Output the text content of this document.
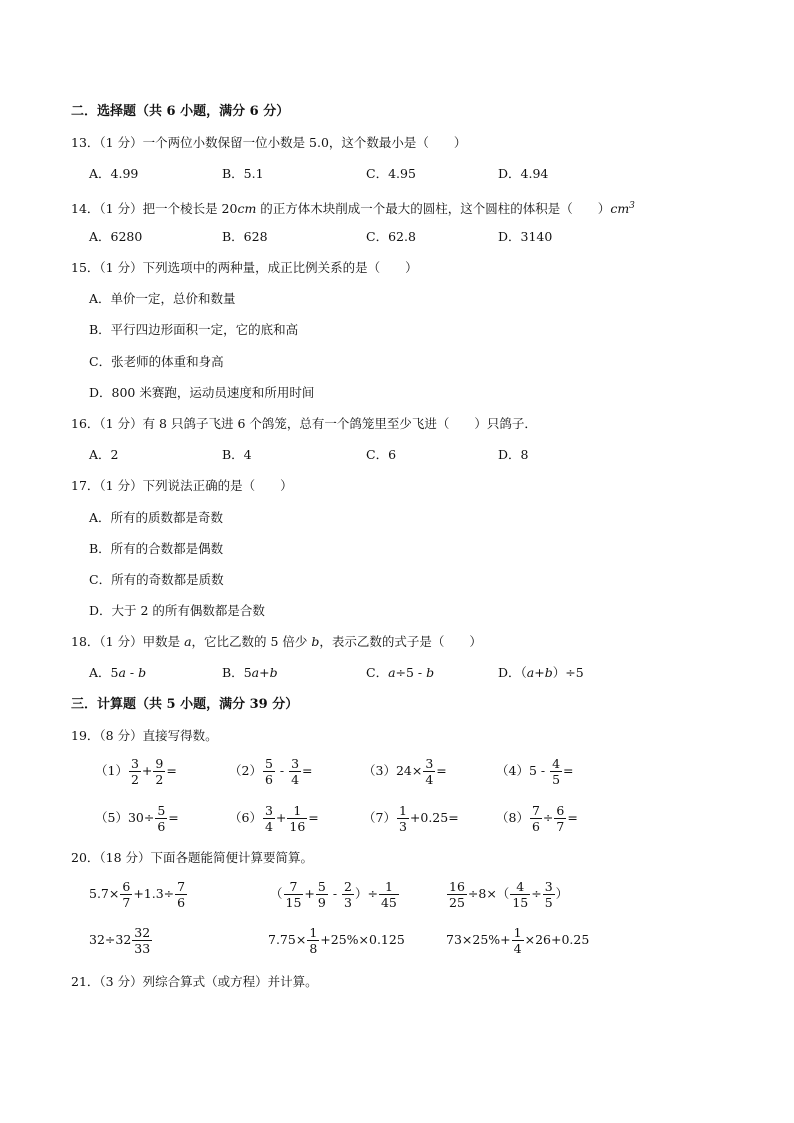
二．选择题（共 6 小题，满分 6 分）
13．（1 分）一个两位小数保留一位小数是 5.0，这个数最小是（　　）
A．4.99	B．5.1	C．4.95	D．4.94
14．（1 分）把一个棱长是 20cm 的正方体木块削成一个最大的圆柱，这个圆柱的体积是（　　）$cm^3$
A．6280	B．628	C．62.8	D．3140
15．（1 分）下列选项中的两种量，成正比例关系的是（　　）
A．单价一定，总价和数量
B．平行四边形面积一定，它的底和高
C．张老师的体重和身高
D．800 米赛跑，运动员速度和所用时间
16．（1 分）有 8 只鸽子飞进 6 个鸽笼，总有一个鸽笼里至少飞进（　　）只鸽子．
A．2	B．4	C．6	D．8
17．（1 分）下列说法正确的是（　　）
A．所有的质数都是奇数
B．所有的合数都是偶数
C．所有的奇数都是质数
D．大于 2 的所有偶数都是合数
18．（1 分）甲数是 a，它比乙数的 5 倍少 b，表示乙数的式子是（　　）
A．5a - b	B．5a+b	C．a÷5 - b	D．（a+b）÷5
三．计算题（共 5 小题，满分 39 分）
19．（8 分）直接写得数。
$(1) \frac{3}{2} + \frac{9}{2}$ =	$(2) \frac{5}{6} - \frac{3}{4}$ =	$(3)24\times \frac{3}{4}$ =	$(4)5 - \frac{4}{5}$ =
$(5)30\div \frac{5}{6}$ =	$(6) \frac{3}{4} + \frac{1}{16}$ =	$(7) \frac{1}{3} +0.25=$	$(8) \frac{7}{6} \div \frac{6}{7}$ =
20．（18 分）下面各题能简便计算要简算。
$5.7\times \frac{6}{7} +1.3\div \frac{7}{6}$	（ $\frac{7}{15} + \frac{5}{9} - \frac{2}{3}$ ）÷ $\frac{1}{45}$	$\frac{16}{25} \div 8\times( \frac{4}{15} \div \frac{3}{5}$ ）
$32\div 32 \frac{32}{33}$	$7.75\times \frac{1}{8} +25\%\times 0.125$	$73\times 25\%+ \frac{1}{4} \times 26+0.25$
21．（3 分）列综合算式（或方程）并计算。
